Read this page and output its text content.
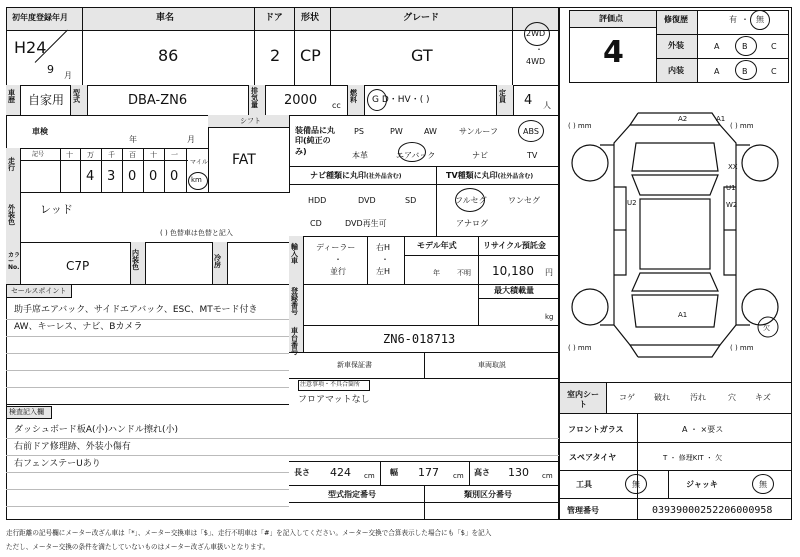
初年度登録年月	車名	ドア 形状	グレード
H24
9 月
86	2 CP	GT
2WD
・
4WD
車歴 自家用 型式	DBA-ZN6
排気量 2000 cc
燃料	G D・HV・( )
定員 4 人
車検
年	月
シフト
FAT
走行
記号	十 万 千 百 十 一
4 3 0 0 0
マイル
km
装備品に丸印(純正のみ)
PS	PW	AW	サンルーフ	ABS
本革	エアバック	ナビ	TV
ナビ種類に丸印(社外品含む)	TV種類に丸印(社外品含む)
HDD	DVD	SD
CD	DVD再生可
フルセグ	ワンセグ
アナログ
外装色
レッド
( ) 色替車は色替と記入
カラーNo.	C7P
内装色
冷房
輸入車
ディーラー
・
並行
右H
・
左H
モデル年式
年 不明
リサイクル預託金
10,180 円
登録番号
最大積載量
kg
セールスポイント
助手席エアバック、サイドエアバック、ESC、MTモード付き
AW、キーレス、ナビ、Bカメラ	車台番号
ZN6-018713
新車保証書	車両取説
注意事項・不具合箇所
フロアマットなし
検査記入欄
ダッシュボード板A(小)ハンドル擦れ(小)
右前ドア修理跡、外装小傷有
右フェンステーUあり
長さ 424 cm 幅 177 cm 高さ 130 cm
型式指定番号	類別区分番号
評価点
4
修復歴	有 ・ 無
外装	A	B	C
内装	A	B	C
( ) mm	( ) mm
( ) mm	( ) mm
A2	A1
U2	W2
U1
XX
A1
欠
室内シート
コゲ 破れ	汚れ	穴 キズ
フロントガラス	A ・ ×要ス
スペアタイヤ	T ・ 修理KIT ・ 欠
工具	無	ジャッキ	無
管理番号	03939000252206000958
走行距離の記号欄にメーター改ざん車は「*」、メーター交換車は「$」、走行不明車は「#」を記入してください。メーター交換で合算表示した場合にも「$」を記入
ただし、メーター交換の条件を満たしていないものはメーター改ざん車扱いとなります。
